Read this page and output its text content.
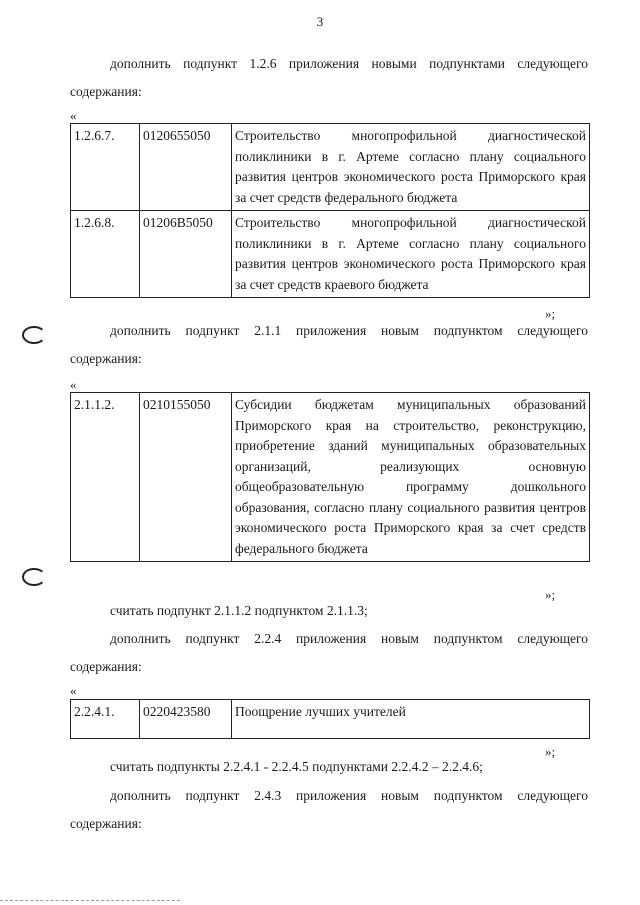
3
дополнить подпункт 1.2.6 приложения новыми подпунктами следующего содержания:
«
1.2.6.7.	0120655050	Строительство многопрофильной диагностической поликлиники в г. Артеме согласно плану социального развития центров экономического роста Приморского края за счет средств федерального бюджета
1.2.6.8.	01206В5050	Строительство многопрофильной диагностической поликлиники в г. Артеме согласно плану социального развития центров экономического роста Приморского края за счет средств краевого бюджета
»;
дополнить подпункт 2.1.1 приложения новым подпунктом следующего содержания:
«
2.1.1.2.	0210155050	Субсидии бюджетам муниципальных образований Приморского края на строительство, реконструкцию, приобретение зданий муниципальных образовательных организаций, реализующих основную общеобразовательную программу дошкольного образования, согласно плану социального развития центров экономического роста Приморского края за счет средств федерального бюджета
»;
считать подпункт 2.1.1.2 подпунктом 2.1.1.3;
дополнить подпункт 2.2.4 приложения новым подпунктом следующего содержания:
«
2.2.4.1.	0220423580	Поощрение лучших учителей
»;
считать подпункты 2.2.4.1 - 2.2.4.5 подпунктами 2.2.4.2 – 2.2.4.6;
дополнить подпункт 2.4.3 приложения новым подпунктом следующего содержания:
